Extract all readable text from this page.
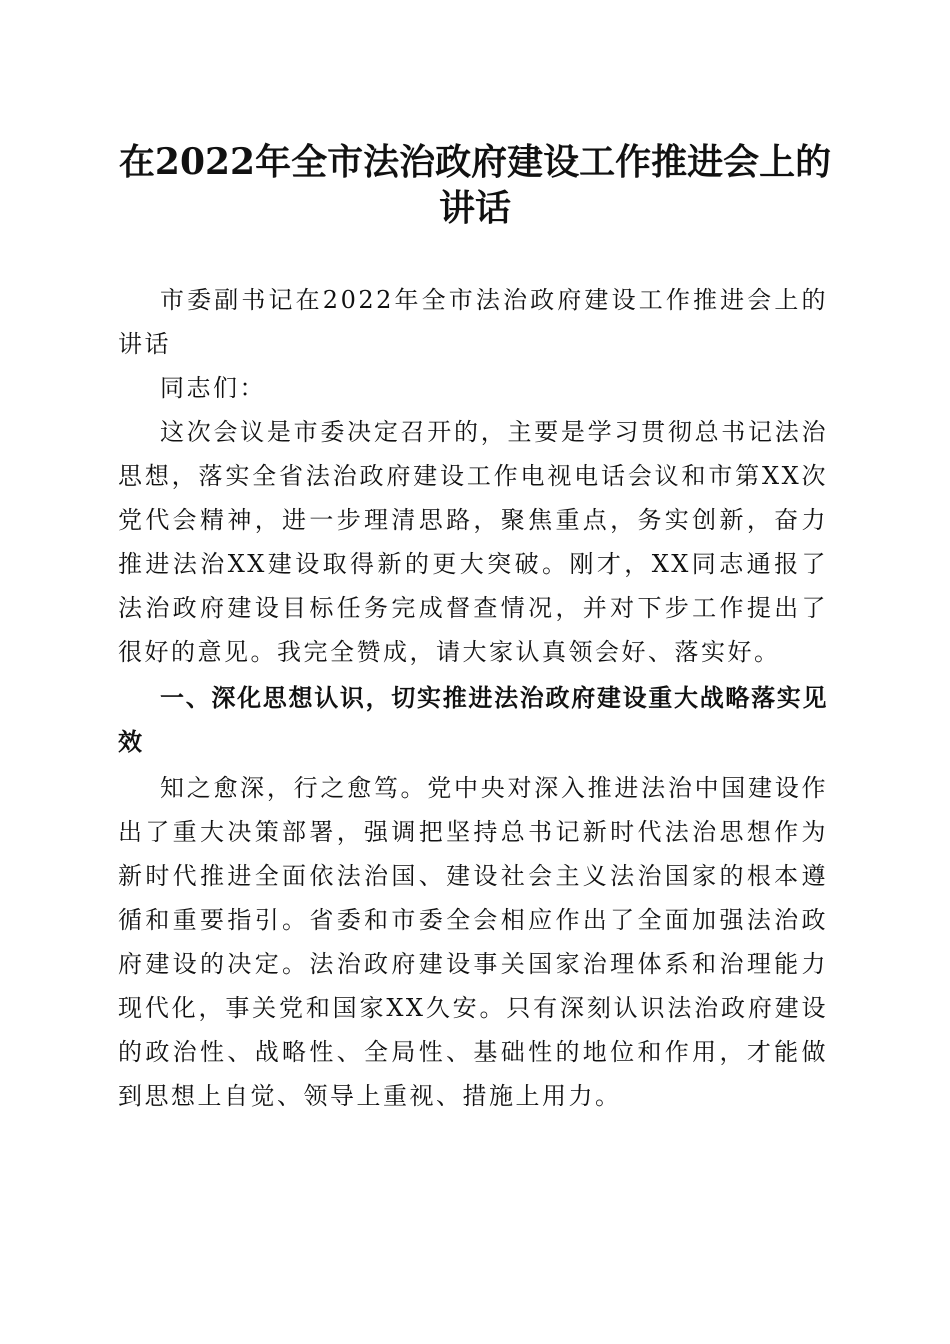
在2022年全市法治政府建设工作推进会上的
讲话

市委副书记在2022年全市法治政府建设工作推进会上的讲话

同志们：

这次会议是市委决定召开的，主要是学习贯彻总书记法治思想，落实全省法治政府建设工作电视电话会议和市第XX次党代会精神，进一步理清思路，聚焦重点，务实创新，奋力推进法治XX建设取得新的更大突破。刚才，XX同志通报了法治政府建设目标任务完成督查情况，并对下步工作提出了很好的意见。我完全赞成，请大家认真领会好、落实好。

一、深化思想认识，切实推进法治政府建设重大战略落实见效

知之愈深，行之愈笃。党中央对深入推进法治中国建设作出了重大决策部署，强调把坚持总书记新时代法治思想作为新时代推进全面依法治国、建设社会主义法治国家的根本遵循和重要指引。省委和市委全会相应作出了全面加强法治政府建设的决定。法治政府建设事关国家治理体系和治理能力现代化，事关党和国家XX久安。只有深刻认识法治政府建设的政治性、战略性、全局性、基础性的地位和作用，才能做到思想上自觉、领导上重视、措施上用力。
